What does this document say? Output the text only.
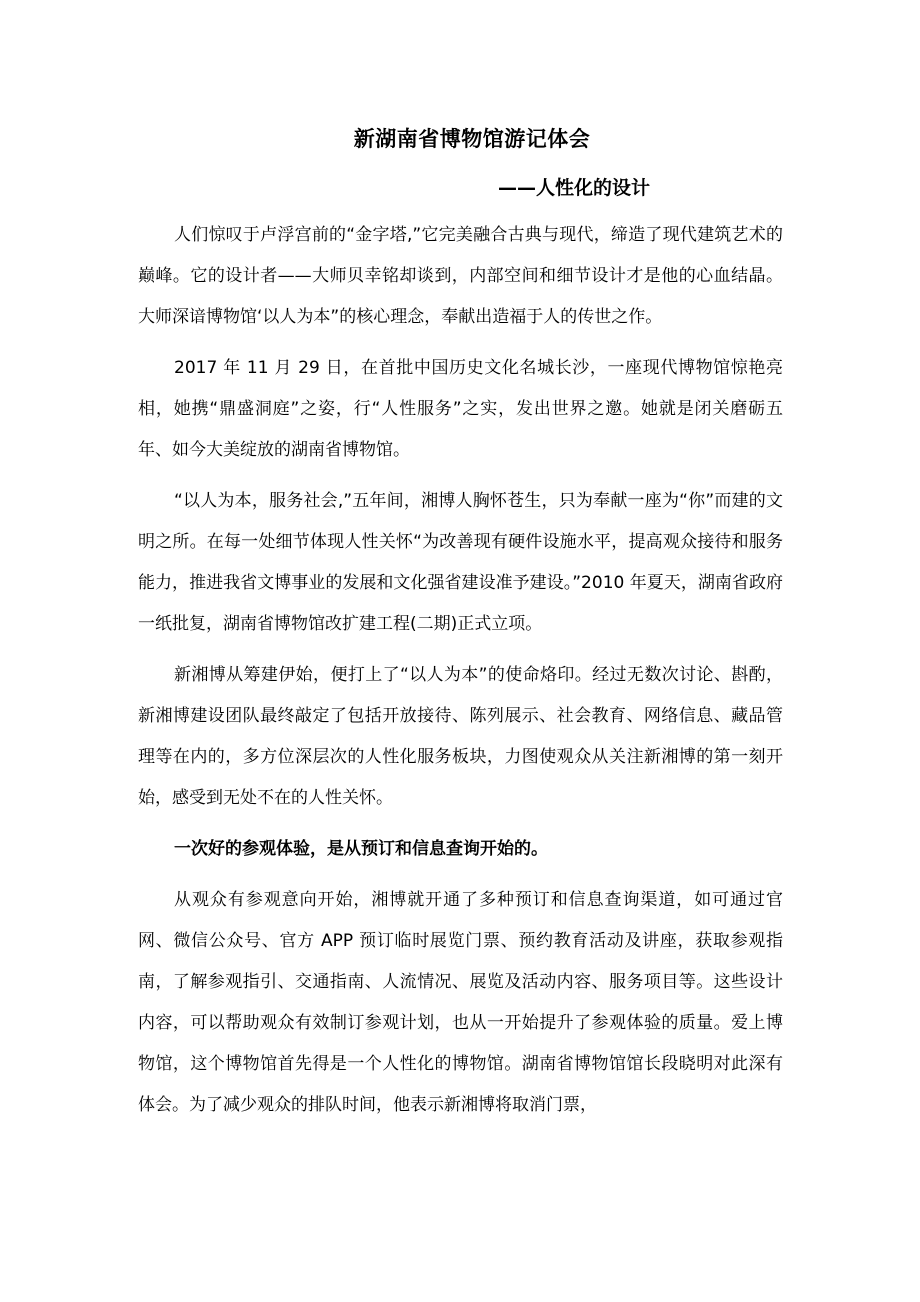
新湖南省博物馆游记体会
——人性化的设计

人们惊叹于卢浮宫前的“金字塔,”它完美融合古典与现代，缔造了现代建筑艺术的巅峰。它的设计者——大师贝幸铭却谈到，内部空间和细节设计才是他的心血结晶。大师深谙博物馆‘以人为本”的核心理念，奉献出造福于人的传世之作。

2017 年 11 月 29 日，在首批中国历史文化名城长沙，一座现代博物馆惊艳亮相，她携“鼎盛洞庭”之姿，行“人性服务”之实，发出世界之邀。她就是闭关磨砺五年、如今大美绽放的湖南省博物馆。

“以人为本，服务社会,”五年间，湘博人胸怀苍生，只为奉献一座为“你”而建的文明之所。在每一处细节体现人性关怀“为改善现有硬件设施水平，提高观众接待和服务能力，推进我省文博事业的发展和文化强省建设准予建设。”2010 年夏天，湖南省政府一纸批复，湖南省博物馆改扩建工程(二期)正式立项。

新湘博从筹建伊始，便打上了“以人为本”的使命烙印。经过无数次讨论、斟酌，新湘博建设团队最终敲定了包括开放接待、陈列展示、社会教育、网络信息、藏品管理等在内的，多方位深层次的人性化服务板块，力图使观众从关注新湘博的第一刻开始，感受到无处不在的人性关怀。

一次好的参观体验，是从预订和信息查询开始的。

从观众有参观意向开始，湘博就开通了多种预订和信息查询渠道，如可通过官网、微信公众号、官方 APP 预订临时展览门票、预约教育活动及讲座，获取参观指南，了解参观指引、交通指南、人流情况、展览及活动内容、服务项目等。这些设计内容，可以帮助观众有效制订参观计划，也从一开始提升了参观体验的质量。爱上博物馆，这个博物馆首先得是一个人性化的博物馆。湖南省博物馆馆长段晓明对此深有体会。为了减少观众的排队时间，他表示新湘博将取消门票，
